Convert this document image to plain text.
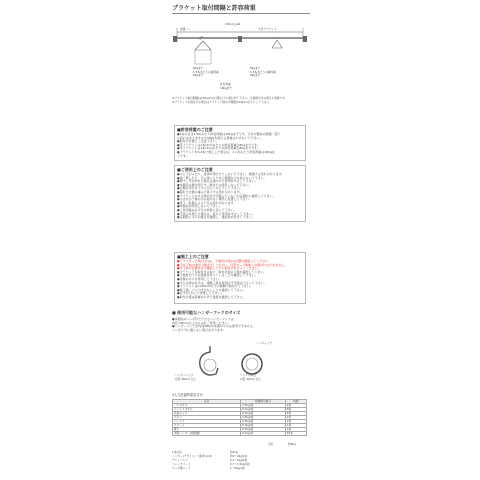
ブラケット取付間隔と許容荷重
洗濯バー	天井ブラケット
145cm_Jaik
8kgまで
1.5本あたりの耐荷重
8kgまで
8kgまで
1.5本あたりの耐荷重
8kgまで
許容荷重
18kgまで
※ブラケット取付間隔は145cm(中心間)以下に取付けて下さい。分割取付けの場合も同様です。
※ブラケットを取付ける場合はブラケット取付け間隔を145cm以下にして下さい。
■許容荷重のご注意
●1本の長さ1.5ｍあたり許容荷重は18kgまでです。天井や製品の破損・落下
の恐れがありますので18kgを超える荷重はかけないで下さい。
●取付け位置にご注意下さい。
●竿ブラケットは1本(1m)あたりの許容荷重が8kgまでです。
●竿ブラケットは1本(1m)あたりの許容荷重が8kgまでです。
●ブラケットを3-4本で施工した場合は、1ヶ所あたり許容荷重は18kgま
でです。
■ご使用上のご注意
●ぶら下がったり、身体を預けたりしないで下さい。破損する恐れがあります。
●強く押したり、引っ張ったりなど無理な力を加えないで下さい。
●物干し竿が外れた場合は速やかに使用を中止して下さい。
●本製品は屋内用です。屋外では使用しないで下さい。
●衣類の水分を十分に切ってから干して下さい。
●濡れた衣類の重みで落下する恐れがあります。
●ブラケットのネジ締め付けが緩んでいないか定期的に確認して下さい。
●小さなお子様の手の届かない場所に設置して下さい。
●落下・転倒によるケガの恐れがあります。
●本製品を改造しないで下さい。
●ご使用後は必ず元の状態に戻して下さい。
●不具合を感じた場合は、直ちに使用を中止して下さい。
●定期的にネジの緩みを確認し、適宜締め付けて下さい。
■施工上のご注意
●プラスター下地(天井)は、下地材(木部)の位置を確認してください。
●天井下地(木材)に取付けてください。石膏ボード単体への取付けはできません。
●木下地の位置を必ず確認してから取付けを行ってください。
●ブラケットを取付ける前に、取付け面の下地を確認して下さい。
●下地材が十分な強度を持っていることを確認して下さい。
●付属のネジを使用して下さい。
●ネジの締め付けは、電動工具を使用せず手締めで行って下さい。
●ブラケットはL145mm以下の間隔で取付けて下さい。
●施工後、ぐらつきがないことを確認して下さい。
●必ず2人以上で作業して下さい。
●取付け後は荷重をかけて強度を確認して下さい。
■ 使用可能なハンガーフックのサイズ
●本製品のバー(竿)で干せるハンガーフックは、
内径 28mm以上のものをご使用ください。
●ハンガーフックが内径28mm未満のものは使用できません。
バーが十分に通らない場合があります。
ハンガーフック
内径 28mm 以上
リングの場合
内径 32mm 以上
バーキャップ
4人分洗濯物重量目安
品目	乾燥時の重さ	枚数
バスタオル	0.5kg/枚	4枚
フェイスタオル	0.1kg/枚	8枚
長袖シャツ	0.2kg/枚	4枚
ズボン	0.5kg/枚	2枚
パーンズ	0.5kg/枚	1枚
スカート	0.3kg/枚	1枚
靴下	0.1kg/枚	4枚
洋服ハンガー(樹脂製)	0.1kg/本	10本
合計	約8kg
1本の目	約3kg
ハンガー(デザイン)・(参考:1cm)	約1～2kg/1本
デニムパンツ	0.2～1kg/1枚
トレンチコート	0.7～1.5kg/1枚
ウール製コート	1～2kg/1枚
